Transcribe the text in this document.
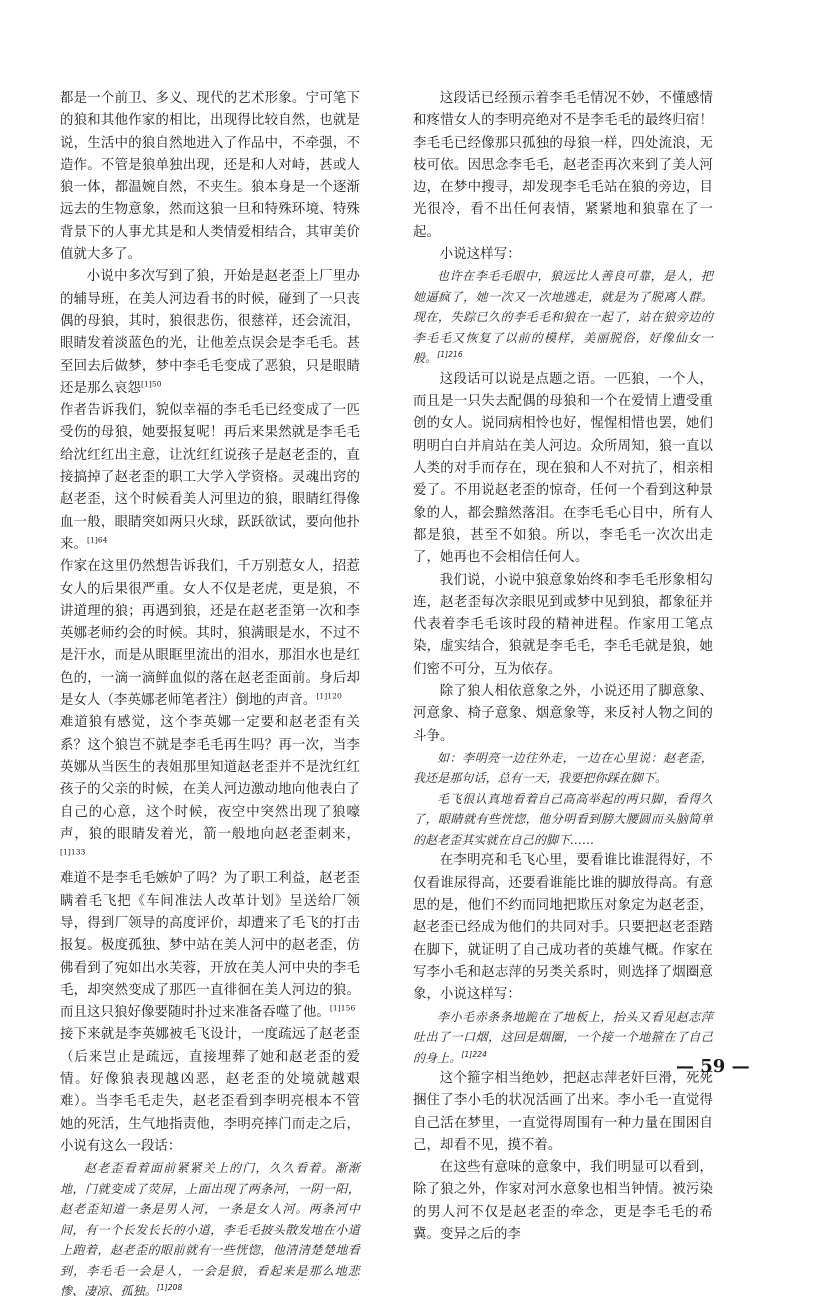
都是一个前卫、多义、现代的艺术形象。宁可笔下的狼和其他作家的相比，出现得比较自然，也就是说，生活中的狼自然地进入了作品中，不牵强，不造作。不管是狼单独出现，还是和人对峙，甚或人狼一体，都温婉自然，不夹生。狼本身是一个逐渐远去的生物意象，然而这狼一旦和特殊环境、特殊背景下的人事尤其是和人类情爱相结合，其审美价值就大多了。

小说中多次写到了狼，开始是赵老歪上厂里办的辅导班，在美人河边看书的时候，碰到了一只丧偶的母狼，其时，狼很悲伤，很慈祥，还会流泪，眼睛发着淡蓝色的光，让他差点误会是李毛毛。甚至回去后做梦，梦中李毛毛变成了恶狼，只是眼睛还是那么哀怨$^{[1]50}$

作者告诉我们，貌似幸福的李毛毛已经变成了一匹受伤的母狼，她要报复呢！再后来果然就是李毛毛给沈红红出主意，让沈红红说孩子是赵老歪的，直接搞掉了赵老歪的职工大学入学资格。灵魂出窍的赵老歪，这个时候看美人河里边的狼，眼睛红得像血一般，眼睛突如两只火球，跃跃欲试，要向他扑来。$^{[1]64}$

作家在这里仍然想告诉我们，千万别惹女人，招惹女人的后果很严重。女人不仅是老虎，更是狼，不讲道理的狼；再遇到狼，还是在赵老歪第一次和李英娜老师约会的时候。其时，狼满眼是水，不过不是汗水，而是从眼眶里流出的泪水，那泪水也是红色的，一滴一滴鲜血似的落在赵老歪面前。身后却是女人（李英娜老师笔者注）倒地的声音。$^{[1]120}$

难道狼有感觉，这个李英娜一定要和赵老歪有关系？这个狼岂不就是李毛毛再生吗？再一次，当李英娜从当医生的表姐那里知道赵老歪并不是沈红红孩子的父亲的时候，在美人河边激动地向他表白了自己的心意，这个时候，夜空中突然出现了狼嚎声，狼的眼睛发着光，箭一般地向赵老歪刺来，$^{[1]133}$

难道不是李毛毛嫉妒了吗？为了职工利益，赵老歪瞒着毛飞把《车间准法人改革计划》呈送给厂领导，得到厂领导的高度评价，却遭来了毛飞的打击报复。极度孤独、梦中站在美人河中的赵老歪，仿佛看到了宛如出水芙蓉，开放在美人河中央的李毛毛，却突然变成了那匹一直徘徊在美人河边的狼。而且这只狼好像要随时扑过来准备吞噬了他。$^{[1]156}$

接下来就是李英娜被毛飞设计，一度疏远了赵老歪（后来岂止是疏远，直接埋葬了她和赵老歪的爱情。好像狼表现越凶恶，赵老歪的处境就越艰难）。当李毛毛走失，赵老歪看到李明亮根本不管她的死活，生气地指责他，李明亮摔门而走之后，小说有这么一段话：

赵老歪看着面前紧紧关上的门，久久看着。渐渐地，门就变成了荧屏，上面出现了两条河，一阴一阳，赵老歪知道一条是男人河，一条是女人河。两条河中间，有一个长发长长的小道，李毛毛披头散发地在小道上跑着，赵老歪的眼前就有一些恍惚，他清清楚楚地看到，李毛毛一会是人，一会是狼，看起来是那么地悲惨、凄凉、孤独。$^{[1]208}$

这段话已经预示着李毛毛情况不妙，不懂感情和疼惜女人的李明亮绝对不是李毛毛的最终归宿！李毛毛已经像那只孤独的母狼一样，四处流浪，无枝可依。因思念李毛毛，赵老歪再次来到了美人河边，在梦中搜寻，却发现李毛毛站在狼的旁边，目光很冷，看不出任何表情，紧紧地和狼靠在了一起。

小说这样写：

也许在李毛毛眼中，狼远比人善良可靠，是人，把她逼疯了，她一次又一次地逃走，就是为了脱离人群。现在，失踪已久的李毛毛和狼在一起了，站在狼旁边的李毛毛又恢复了以前的模样，美丽脱俗，好像仙女一般。$^{[1]216}$

这段话可以说是点题之语。一匹狼，一个人，而且是一只失去配偶的母狼和一个在爱情上遭受重创的女人。说同病相怜也好，惺惺相惜也罢，她们明明白白并肩站在美人河边。众所周知，狼一直以人类的对手而存在，现在狼和人不对抗了，相亲相爱了。不用说赵老歪的惊奇，任何一个看到这种景象的人，都会黯然落泪。在李毛毛心目中，所有人都是狼，甚至不如狼。所以，李毛毛一次次出走了，她再也不会相信任何人。

我们说，小说中狼意象始终和李毛毛形象相勾连，赵老歪每次亲眼见到或梦中见到狼，都象征并代表着李毛毛该时段的精神进程。作家用工笔点染，虚实结合，狼就是李毛毛，李毛毛就是狼，她们密不可分，互为依存。

除了狼人相依意象之外，小说还用了脚意象、河意象、椅子意象、烟意象等，来反衬人物之间的斗争。

如：李明亮一边往外走，一边在心里说：赵老歪，我还是那句话，总有一天，我要把你踩在脚下。

毛飞很认真地看着自己高高举起的两只脚，看得久了，眼睛就有些恍惚，他分明看到膀大腰圆而头脑简单的赵老歪其实就在自己的脚下……

在李明亮和毛飞心里，要看谁比谁混得好，不仅看谁尿得高，还要看谁能比谁的脚放得高。有意思的是，他们不约而同地把欺压对象定为赵老歪，赵老歪已经成为他们的共同对手。只要把赵老歪踏在脚下，就证明了自己成功者的英雄气概。作家在写李小毛和赵志萍的另类关系时，则选择了烟圈意象，小说这样写：

李小毛赤条条地跪在了地板上，抬头又看见赵志萍吐出了一口烟，这回是烟圈，一个接一个地箍在了自己的身上。$^{[1]224}$

这个箍字相当绝妙，把赵志萍老奸巨滑，死死捆住了李小毛的状况活画了出来。李小毛一直觉得自己活在梦里，一直觉得周围有一种力量在围困自己，却看不见，摸不着。

在这些有意味的意象中，我们明显可以看到，除了狼之外，作家对河水意象也相当钟情。被污染的男人河不仅是赵老歪的牵念，更是李毛毛的希冀。变异之后的李

— 59 —
